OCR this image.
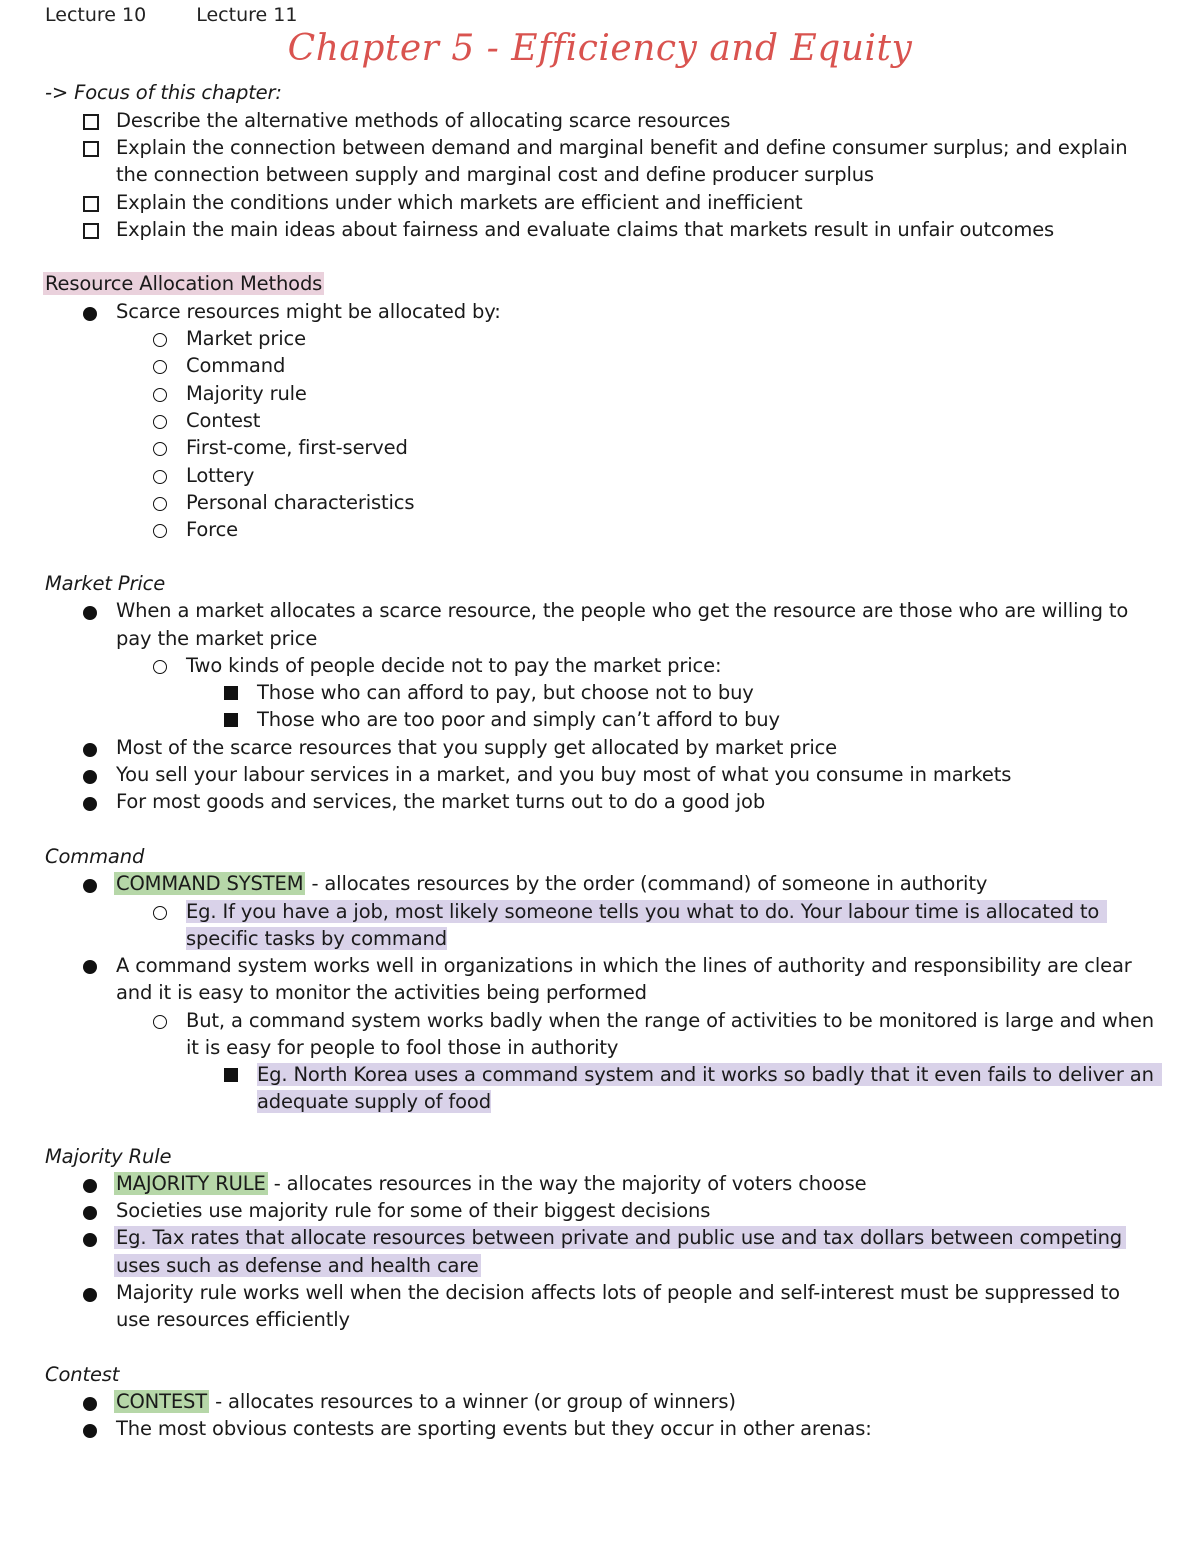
Lecture 10	Lecture 11
Chapter 5 - Efficiency and Equity
-> Focus of this chapter:
Describe the alternative methods of allocating scarce resources
Explain the connection between demand and marginal benefit and define consumer surplus; and explain
the connection between supply and marginal cost and define producer surplus
Explain the conditions under which markets are efficient and inefficient
Explain the main ideas about fairness and evaluate claims that markets result in unfair outcomes
Resource Allocation Methods
Scarce resources might be allocated by:
Market price
Command
Majority rule
Contest
First-come, first-served
Lottery
Personal characteristics
Force
Market Price
When a market allocates a scarce resource, the people who get the resource are those who are willing to
pay the market price
Two kinds of people decide not to pay the market price:
Those who can afford to pay, but choose not to buy
Those who are too poor and simply can’t afford to buy
Most of the scarce resources that you supply get allocated by market price
You sell your labour services in a market, and you buy most of what you consume in markets
For most goods and services, the market turns out to do a good job
Command
COMMAND SYSTEM - allocates resources by the order (command) of someone in authority
Eg. If you have a job, most likely someone tells you what to do. Your labour time is allocated to
specific tasks by command
A command system works well in organizations in which the lines of authority and responsibility are clear
and it is easy to monitor the activities being performed
But, a command system works badly when the range of activities to be monitored is large and when
it is easy for people to fool those in authority
Eg. North Korea uses a command system and it works so badly that it even fails to deliver an
adequate supply of food
Majority Rule
MAJORITY RULE - allocates resources in the way the majority of voters choose
Societies use majority rule for some of their biggest decisions
Eg. Tax rates that allocate resources between private and public use and tax dollars between competing
uses such as defense and health care
Majority rule works well when the decision affects lots of people and self-interest must be suppressed to
use resources efficiently
Contest
CONTEST - allocates resources to a winner (or group of winners)
The most obvious contests are sporting events but they occur in other arenas:
